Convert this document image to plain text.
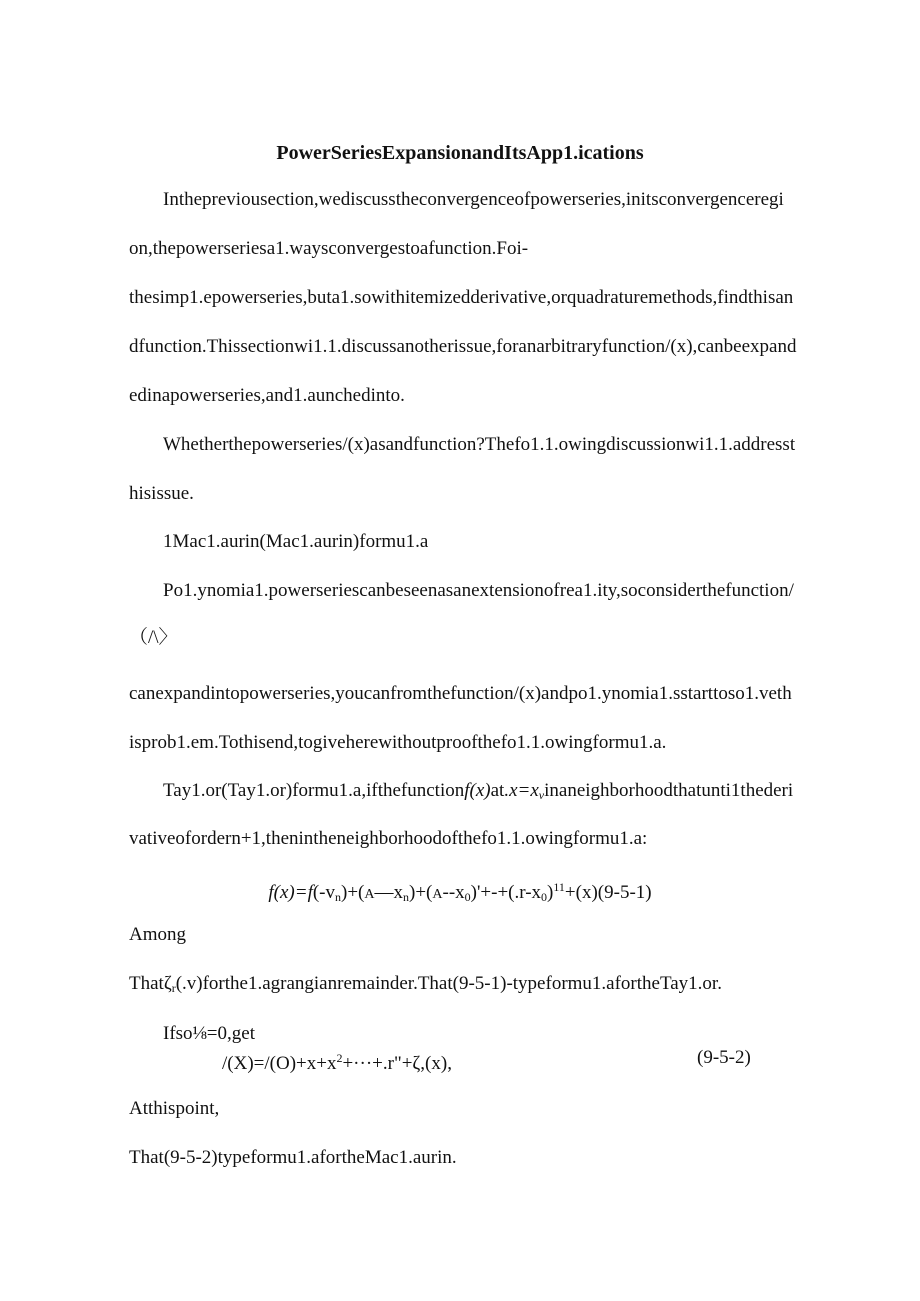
PowerSeriesExpansionandItsApp1.ications
Inthepreviousection,wediscusstheconvergenceofpowerseries,initsconvergenceregi
on,thepowerseriesa1.waysconvergestoafunction.Foi-
thesimp1.epowerseries,buta1.sowithitemizedderivative,orquadraturemethods,findthisan
dfunction.Thissectionwi1.1.discussanotherissue,foranarbitraryfunction/(x),canbeexpand
edinapowerseries,and1.aunchedinto.
Whetherthepowerseries/(x)asandfunction?Thefo1.1.owingdiscussionwi1.1.addresst
hisissue.
1Mac1.aurin(Mac1.aurin)formu1.a
Po1.ynomia1.powerseriescanbeseenasanextensionofrea1.ity,soconsiderthefunction/
（/\〉
canexpandintopowerseries,youcanfromthefunction/(x)andpo1.ynomia1.sstarttoso1.veth
isprob1.em.Tothisend,togiveherewithoutproofthefo1.1.owingformu1.a.
$Tay1.or(Tay1.or)formu1.a,ifthefunctionf(x)at.x=x_vinaneighborhoodthatunti1thederi$
vativeofordern+1,thenintheneighborhoodofthefo1.1.owingformu1.a:
$f(x)=f(-v_n)+(A—x_n)+(A--x_0)'+-+(.r-x_0)^{11}+(x)(9-5-1)$
Among
Thatζ$_r$(.v)forthe1.agrangianremainder.That(9-5-1)-typeformu1.afortheTay1.or.
Ifso⅛=0,get
$/(X)=/(O)+x+x^2+\cdot\cdot\cdot+.r"+\zeta,(x)$,	(9-5-2)
Atthispoint,
That(9-5-2)typeformu1.afortheMac1.aurin.
